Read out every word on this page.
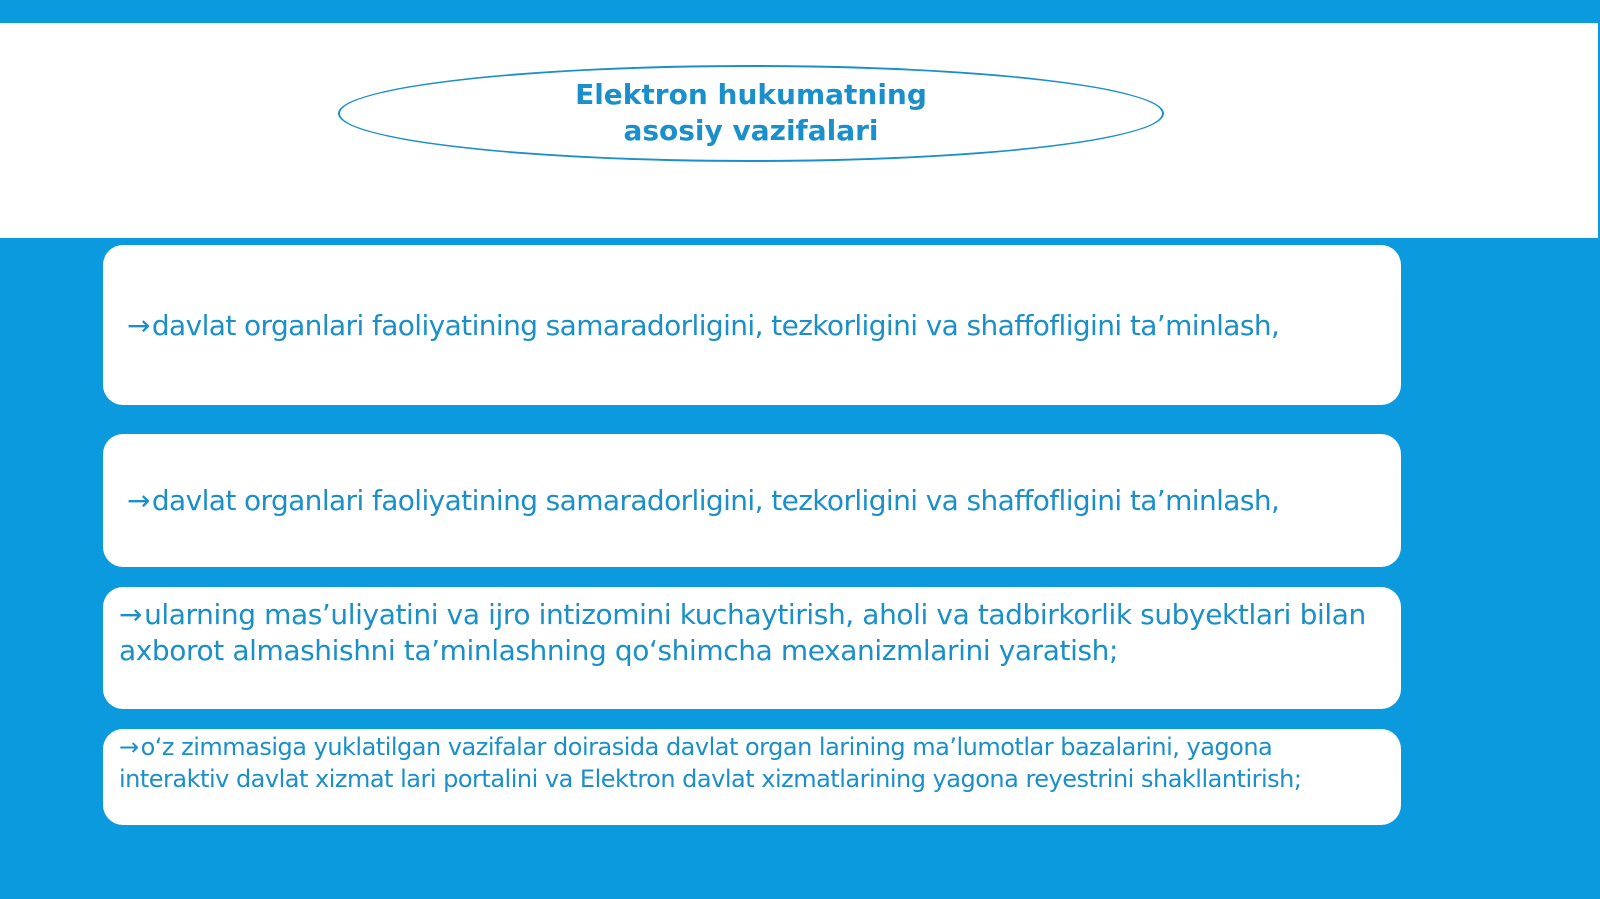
Elektron hukumatning asosiy vazifalari
→davlat organlari faoliyatining samaradorligini, tezkorligini va shaffofligini ta’minlash,
→davlat organlari faoliyatining samaradorligini, tezkorligini va shaffofligini ta’minlash,
→ularning mas’uliyatini va ijro intizomini kuchaytirish, aholi va tadbirkorlik subyektlari bilan axborot almashishni ta’minlashning qo‘shimcha mexanizmlarini yaratish;
→o‘z zimmasiga yuklatilgan vazifalar doirasida davlat organ larining ma’lumotlar bazalarini, yagona interaktiv davlat xizmat lari portalini va Elektron davlat xizmatlarining yagona reyestrini shakllantirish;
